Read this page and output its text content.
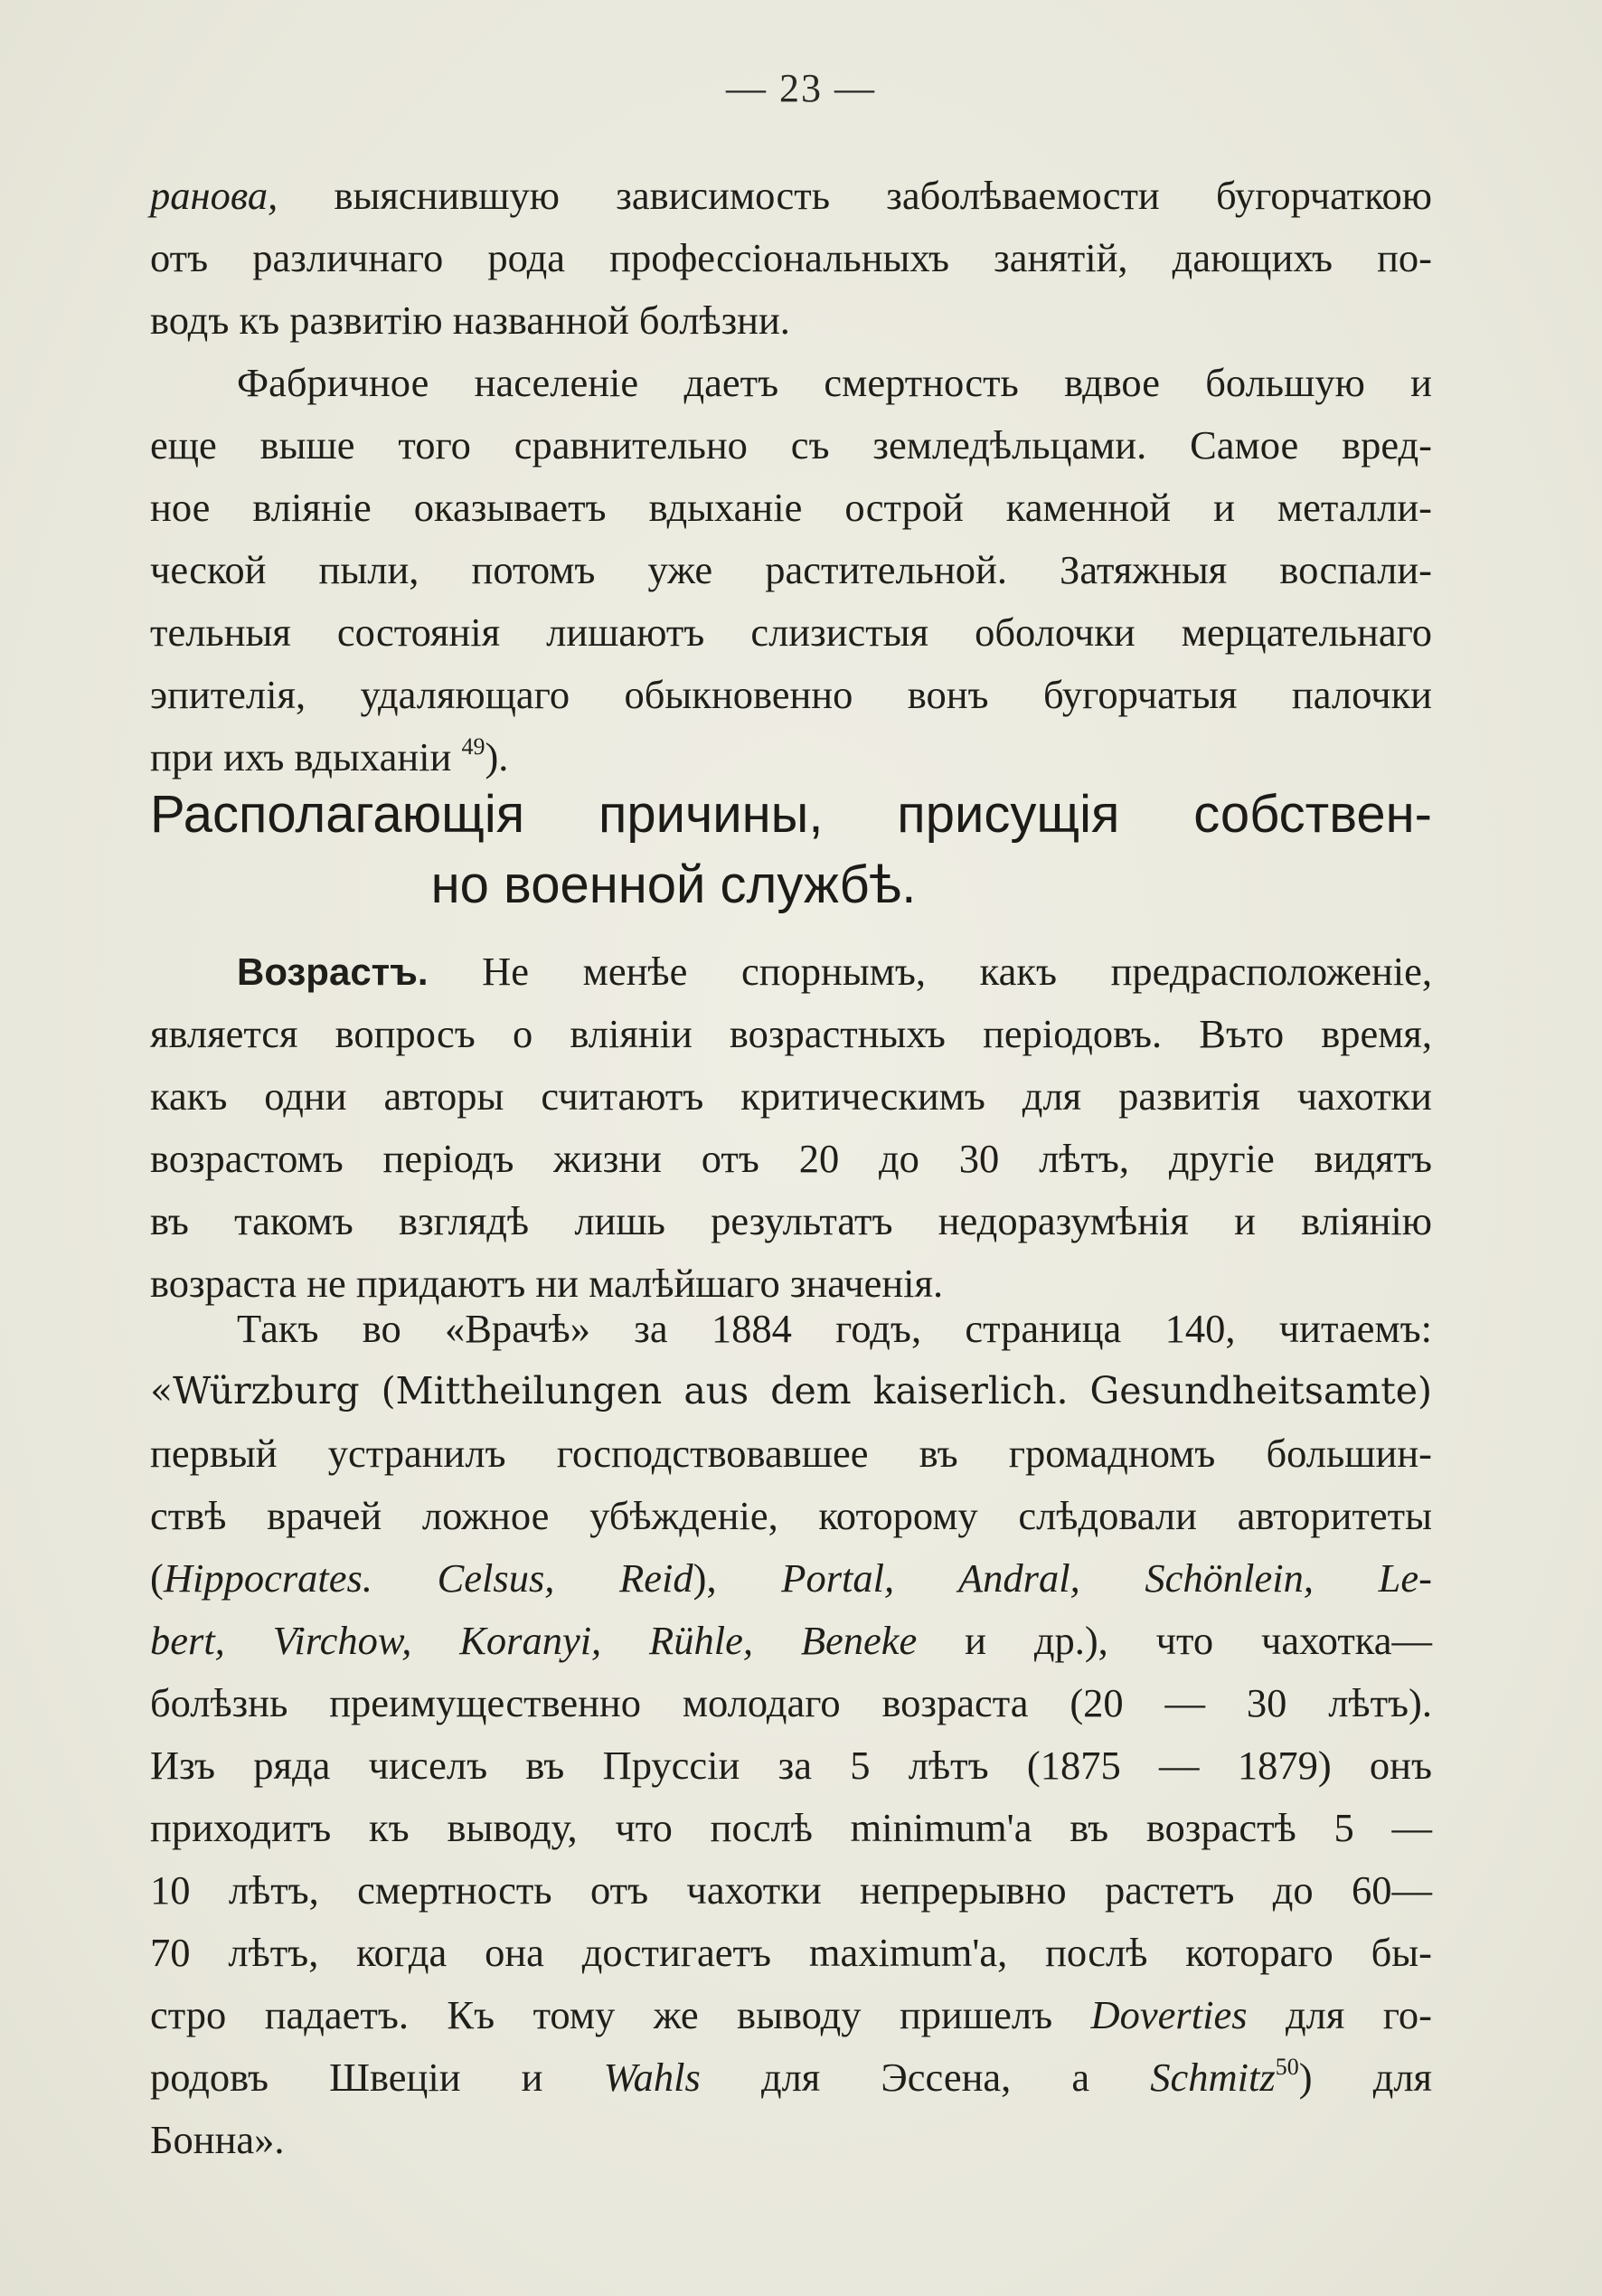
— 23 —

ранова, выяснившую зависимость заболѣваемости бугорчаткою
отъ различнаго рода профессіональныхъ занятій, дающихъ по-
водъ къ развитію названной болѣзни.

Фабричное населеніе даетъ смертность вдвое большую и
еще выше того сравнительно съ земледѣльцами. Самое вред-
ное вліяніе оказываетъ вдыханіе острой каменной и металли-
ческой пыли, потомъ уже растительной. Затяжныя воспали-
тельныя состоянія лишаютъ слизистыя оболочки мерцательнаго
эпителія, удаляющаго обыкновенно вонъ бугорчатыя палочки
при ихъ вдыханіи $^{49}$).

Располагающія причины, присущія собствен-
но военной службѣ.

Возрастъ. Не менѣе спорнымъ, какъ предрасположеніе,
является вопросъ о вліяніи возрастныхъ періодовъ. Въто время,
какъ одни авторы считаютъ критическимъ для развитія чахотки
возрастомъ періодъ жизни отъ 20 до 30 лѣтъ, другіе видятъ
въ такомъ взглядѣ лишь результатъ недоразумѣнія и вліянію
возраста не придаютъ ни малѣйшаго значенія.

Такъ во «Врачѣ» за 1884 годъ, страница 140, читаемъ:
«Würzburg (Mittheilungen aus dem kaiserlich. Gesundheitsamte)
первый устранилъ господствовавшее въ громадномъ большин-
ствѣ врачей ложное убѣжденіе, которому слѣдовали авторитеты
(Hippocrates. Celsus, Reid), Portal, Andral, Schönlein, Le-
bert, Virchow, Koranyi, Rühle, Beneke и др.), что чахотка—
болѣзнь преимущественно молодаго возраста (20 — 30 лѣтъ).
Изъ ряда чиселъ въ Пруссіи за 5 лѣтъ (1875 — 1879) онъ
приходитъ къ выводу, что послѣ minimum'a въ возрастѣ 5 —
10 лѣтъ, смертность отъ чахотки непрерывно растетъ до 60—
70 лѣтъ, когда она достигаетъ maximum'a, послѣ котораго бы-
стро падаетъ. Къ тому же выводу пришелъ Doverties для го-
родовъ Швеціи и Wahls для Эссена, а Schmitz$^{50}$) для
Бонна».
